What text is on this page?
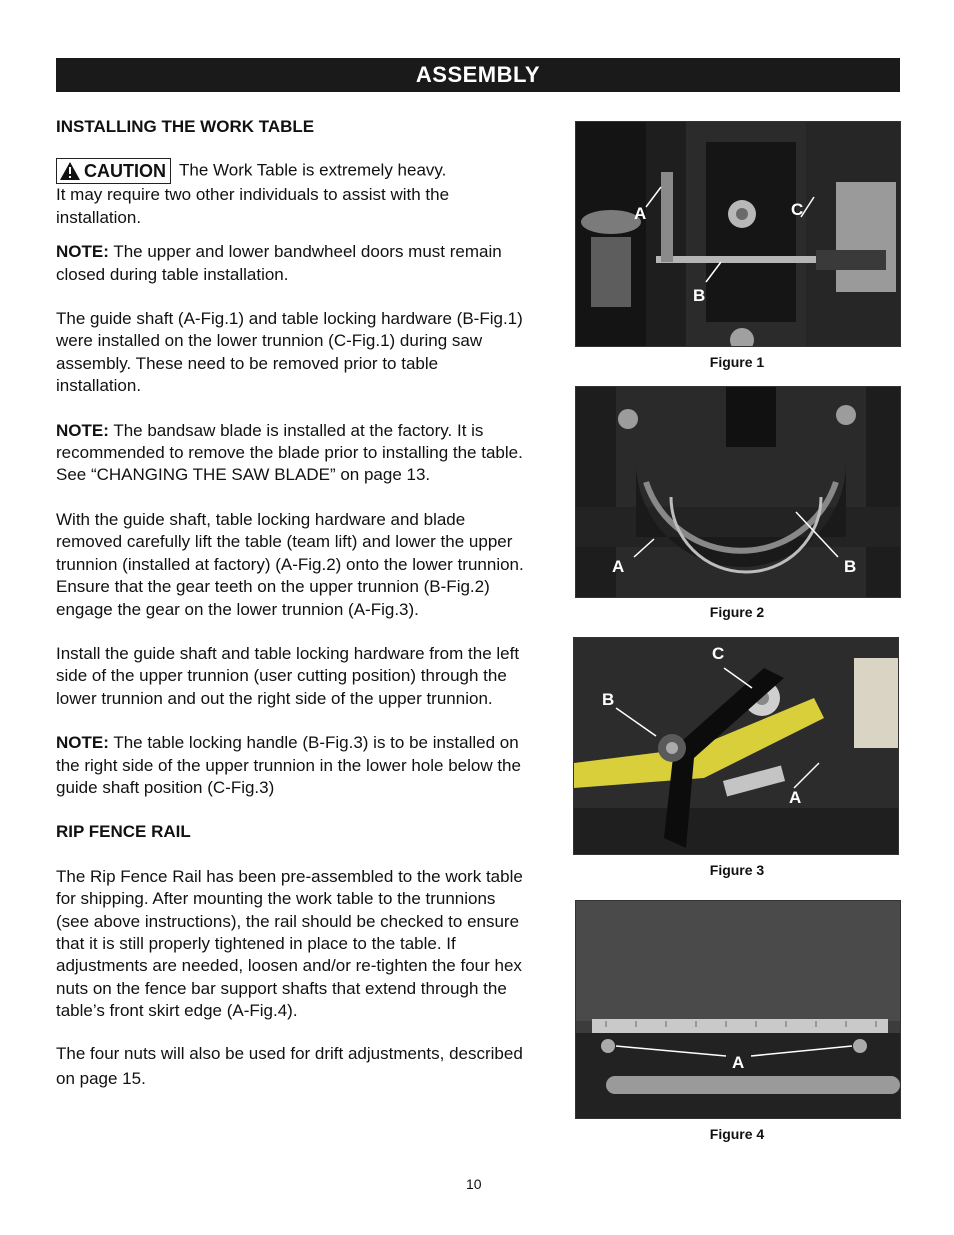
ASSEMBLY

INSTALLING THE WORK TABLE

CAUTION The Work Table is extremely heavy.
It may require two other individuals to assist with the installation.

NOTE: The upper and lower bandwheel doors must remain closed during table installation.

The guide shaft (A-Fig.1) and table locking hardware (B-Fig.1) were installed on the lower trunnion (C-Fig.1) during saw assembly. These need to be removed prior to table installation.

NOTE: The bandsaw blade is installed at the factory. It is recommended to remove the blade prior to installing the table. See “CHANGING THE SAW BLADE” on page 13.

With the guide shaft, table locking hardware and blade removed carefully lift the table (team lift) and lower the upper trunnion (installed at factory) (A-Fig.2) onto the lower trunnion. Ensure that the gear teeth on the upper trunnion (B-Fig.2) engage the gear on the lower trunnion (A-Fig.3).

Install the guide shaft and table locking hardware from the left side of the upper trunnion (user cutting position) through the lower trunnion and out the right side of the upper trunnion.

NOTE: The table locking handle (B-Fig.3) is to be installed on the right side of the upper trunnion in the lower hole below the guide shaft position (C-Fig.3)

RIP FENCE RAIL

The Rip Fence Rail has been pre-assembled to the work table for shipping. After mounting the work table to the trunnions (see above instructions), the rail should be checked to ensure that it is still properly tightened in place to the table. If adjustments are needed, loosen and/or re-tighten the four hex nuts on the fence bar support shafts that extend through the table’s front skirt edge (A-Fig.4).

The four nuts will also be used for drift adjustments, described on page 15.

A
B
C
Figure 1
A	B
Figure 2
B
C
A
Figure 3
A
Figure 4
10
